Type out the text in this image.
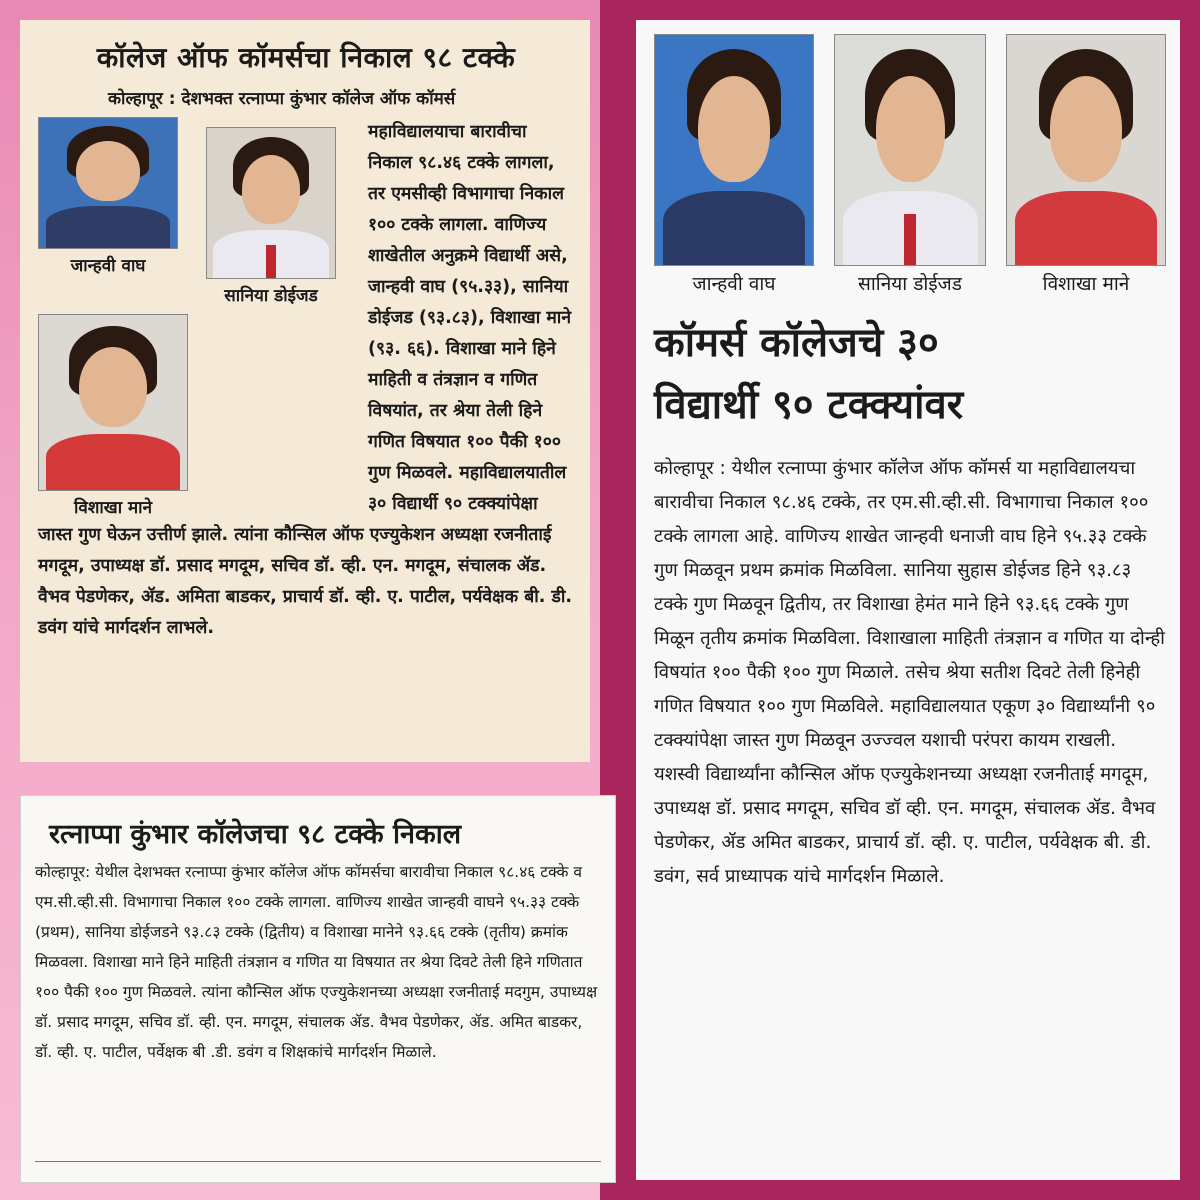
कॉलेज ऑफ कॉमर्सचा निकाल ९८ टक्के
कोल्हापूर : देशभक्त रत्नाप्पा कुंभार कॉलेज ऑफ कॉमर्स
जान्हवी वाघ
सानिया डोईजड
विशाखा माने

महाविद्यालयाचा बारावीचा निकाल ९८.४६ टक्के लागला, तर एमसीव्ही विभागाचा निकाल १०० टक्के लागला. वाणिज्य शाखेतील अनुक्रमे विद्यार्थी असे, जान्हवी वाघ (९५.३३), सानिया डोईजड (९३.८३), विशाखा माने (९३. ६६). विशाखा माने हिने माहिती व तंत्रज्ञान व गणित विषयांत, तर श्रेया तेली हिने गणित विषयात १०० पैकी १०० गुण मिळवले. महाविद्यालयातील ३० विद्यार्थी ९० टक्क्यांपेक्षा जास्त गुण घेऊन उत्तीर्ण झाले. त्यांना कौन्सिल ऑफ एज्युकेशन अध्यक्षा रजनीताई मगदूम, उपाध्यक्ष डॉ. प्रसाद मगदूम, सचिव डॉ. व्ही. एन. मगदूम, संचालक ॲड. वैभव पेडणेकर, ॲड. अमिता बाडकर, प्राचार्य डॉ. व्ही. ए. पाटील, पर्यवेक्षक बी. डी. डवंग यांचे मार्गदर्शन लाभले.

रत्नाप्पा कुंभार कॉलेजचा ९८ टक्के निकाल

कोल्हापूर: येथील देशभक्त रत्नाप्पा कुंभार कॉलेज ऑफ कॉमर्सचा बारावीचा निकाल ९८.४६ टक्के व एम.सी.व्ही.सी. विभागाचा निकाल १०० टक्के लागला. वाणिज्य शाखेत जान्हवी वाघने ९५.३३ टक्के (प्रथम), सानिया डोईजडने ९३.८३ टक्के (द्वितीय) व विशाखा मानेने ९३.६६ टक्के (तृतीय) क्रमांक मिळवला. विशाखा माने हिने माहिती तंत्रज्ञान व गणित या विषयात तर श्रेया दिवटे तेली हिने गणितात १०० पैकी १०० गुण मिळवले. त्यांना कौन्सिल ऑफ एज्युकेशनच्या अध्यक्षा रजनीताई मदगुम, उपाध्यक्ष डॉ. प्रसाद मगदूम, सचिव डॉ. व्ही. एन. मगदूम, संचालक ॲड. वैभव पेडणेकर, ॲड. अमित बाडकर, डॉ. व्ही. ए. पाटील, पर्वेक्षक बी .डी. डवंग व शिक्षकांचे मार्गदर्शन मिळाले.

जान्हवी वाघ	सानिया डोईजड	विशाखा माने
कॉमर्स कॉलेजचे ३०
विद्यार्थी ९० टक्क्यांवर

कोल्हापूर : येथील रत्नाप्पा कुंभार कॉलेज ऑफ कॉमर्स या महाविद्यालयचा बारावीचा निकाल ९८.४६ टक्के, तर एम.सी.व्ही.सी. विभागाचा निकाल १०० टक्के लागला आहे. वाणिज्य शाखेत जान्हवी धनाजी वाघ हिने ९५.३३ टक्के गुण मिळवून प्रथम क्रमांक मिळविला. सानिया सुहास डोईजड हिने ९३.८३ टक्के गुण मिळवून द्वितीय, तर विशाखा हेमंत माने हिने ९३.६६ टक्के गुण मिळून तृतीय क्रमांक मिळविला. विशाखाला माहिती तंत्रज्ञान व गणित या दोन्ही विषयांत १०० पैकी १०० गुण मिळाले. तसेच श्रेया सतीश दिवटे तेली हिनेही गणित विषयात १०० गुण मिळविले. महाविद्यालयात एकूण ३० विद्यार्थ्यांनी ९० टक्क्यांपेक्षा जास्त गुण मिळवून उज्ज्वल यशाची परंपरा कायम राखली. यशस्वी विद्यार्थ्यांना कौन्सिल ऑफ एज्युकेशनच्या अध्यक्षा रजनीताई मगदूम, उपाध्यक्ष डॉ. प्रसाद मगदूम, सचिव डॉ व्ही. एन. मगदूम, संचालक ॲड. वैभव पेडणेकर, ॲड अमित बाडकर, प्राचार्य डॉ. व्ही. ए. पाटील, पर्यवेक्षक बी. डी. डवंग, सर्व प्राध्यापक यांचे मार्गदर्शन मिळाले.
